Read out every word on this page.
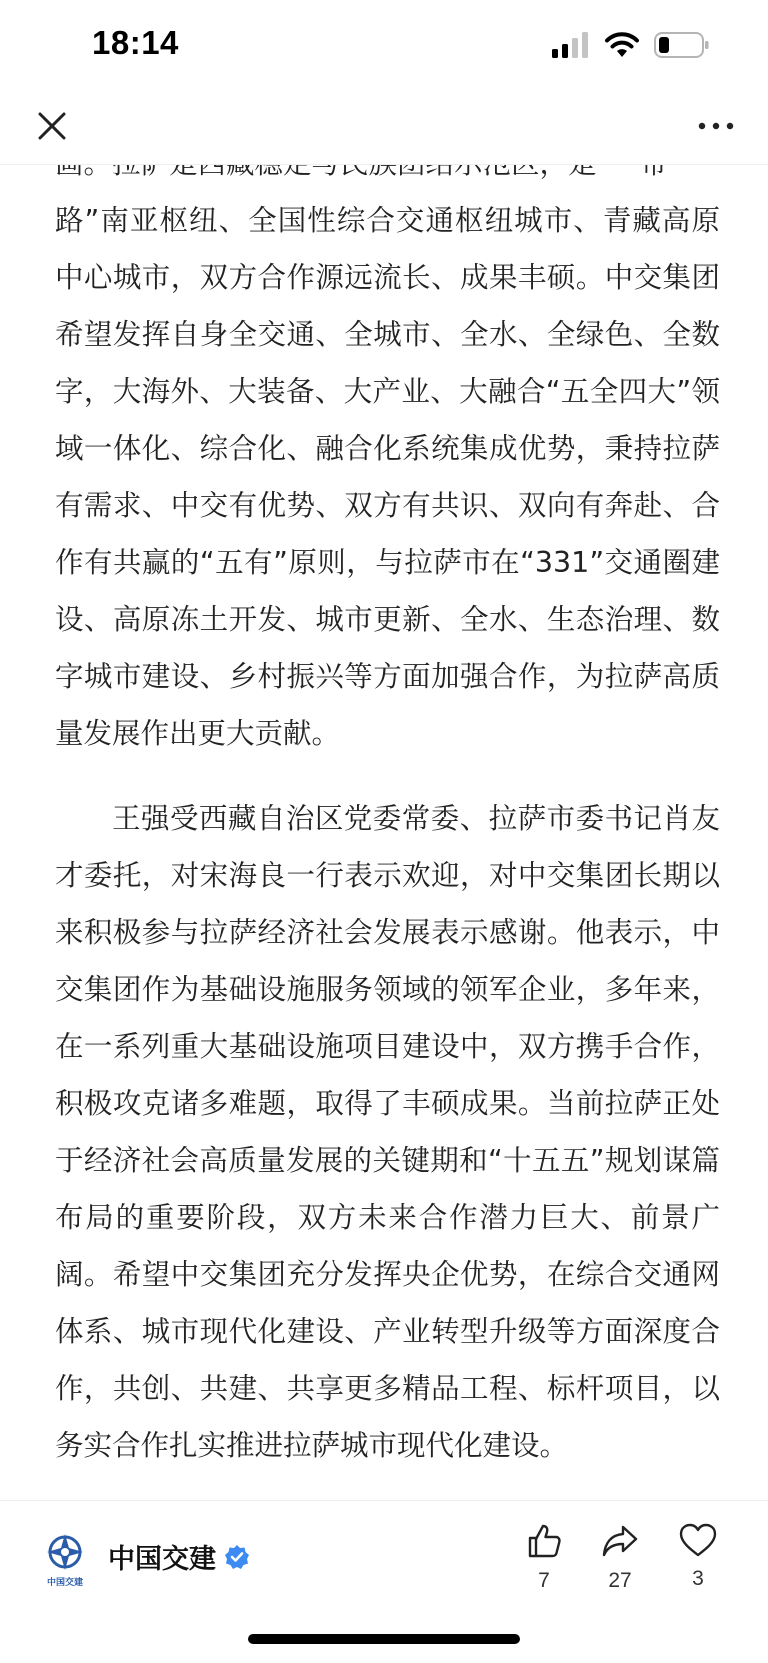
18:14

路”南亚枢纽、全国性综合交通枢纽城市、青藏高原中心城市，双方合作源远流长、成果丰硕。中交集团希望发挥自身全交通、全城市、全水、全绿色、全数字，大海外、大装备、大产业、大融合“五全四大”领域一体化、综合化、融合化系统集成优势，秉持拉萨有需求、中交有优势、双方有共识、双向有奔赴、合作有共赢的“五有”原则，与拉萨市在“331”交通圈建设、高原冻土开发、城市更新、全水、生态治理、数字城市建设、乡村振兴等方面加强合作，为拉萨高质量发展作出更大贡献。

王强受西藏自治区党委常委、拉萨市委书记肖友才委托，对宋海良一行表示欢迎，对中交集团长期以来积极参与拉萨经济社会发展表示感谢。他表示，中交集团作为基础设施服务领域的领军企业，多年来，在一系列重大基础设施项目建设中，双方携手合作，积极攻克诸多难题，取得了丰硕成果。当前拉萨正处于经济社会高质量发展的关键期和“十五五”规划谋篇布局的重要阶段，双方未来合作潜力巨大、前景广阔。希望中交集团充分发挥央企优势，在综合交通网体系、城市现代化建设、产业转型升级等方面深度合作，共创、共建、共享更多精品工程、标杆项目，以务实合作扎实推进拉萨城市现代化建设。

中国交建
中国交建
7	27	3
